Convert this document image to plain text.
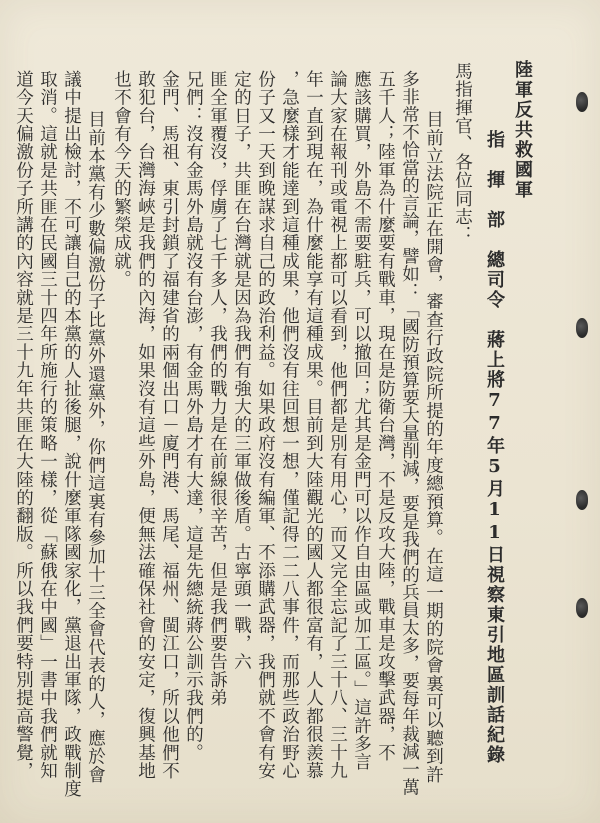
陸軍反共救國軍
指　揮　部　總司令　蔣上將77年5月11日視察東引地區訓話紀錄
馬指揮官、各位同志：
　目前立法院正在開會，審查行政院所提的年度總預算。在這一期的院會裏可以聽到許
多非常不恰當的言論，譬如：「國防預算要大量削減，要是我們的兵員太多，要每年裁減一萬
五千人；陸軍為什麼要有戰車，現在是防衛台灣，不是反攻大陸，戰車是攻擊武器，不
應該購買，外島不需要駐兵，可以撤回；尤其是金門可以作自由區或加工區。」這許多言
論大家在報刊或電視上都可以看到，他們都是別有用心，而又完全忘記了三十八、三十九
年一直到現在，為什麼能享有這種成果。目前到大陸觀光的國人都很富有，人人都很羨慕
，急麼樣才能達到這種成果，他們沒有往回想一想，僅記得二二八事件，而那些政治野心
份子又一天到晚謀求自己的政治利益。如果政府沒有編軍、不添購武器，我們就不會有安
定的日子，共匪在台灣就是因為我們有強大的三軍做後盾。古寧頭一戰，六
匪全軍覆沒，俘虜了七千多人，我們的戰力是在前線很辛苦，但是我們要告訴弟
兄們：沒有金馬外島就沒有台澎，有金馬外島才有大達，這是先總統蔣公訓示我們的。
金門、馬祖、東引封鎖了福建省的兩個出口－廈門港、馬尾、福州、閩江口，所以他們不
敢犯台，台灣海峽是我們的內海，如果沒有這些外島，便無法確保社會的安定，復興基地
也不會有今天的繁榮成就。
　目前本黨有少數偏激份子比黨外還黨外，你們這裏有參加十三全會代表的人，應於會
議中提出檢討，不可讓自己的本黨的人扯後腿，說什麼軍隊國家化，黨退出軍隊，政戰制度
取消。這就是共匪在民國三十四年所施行的策略一樣，從「蘇俄在中國」一書中我們就知
道今天偏激份子所講的內容就是三十九年共匪在大陸的翻版。所以我們要特別提高警覺，
